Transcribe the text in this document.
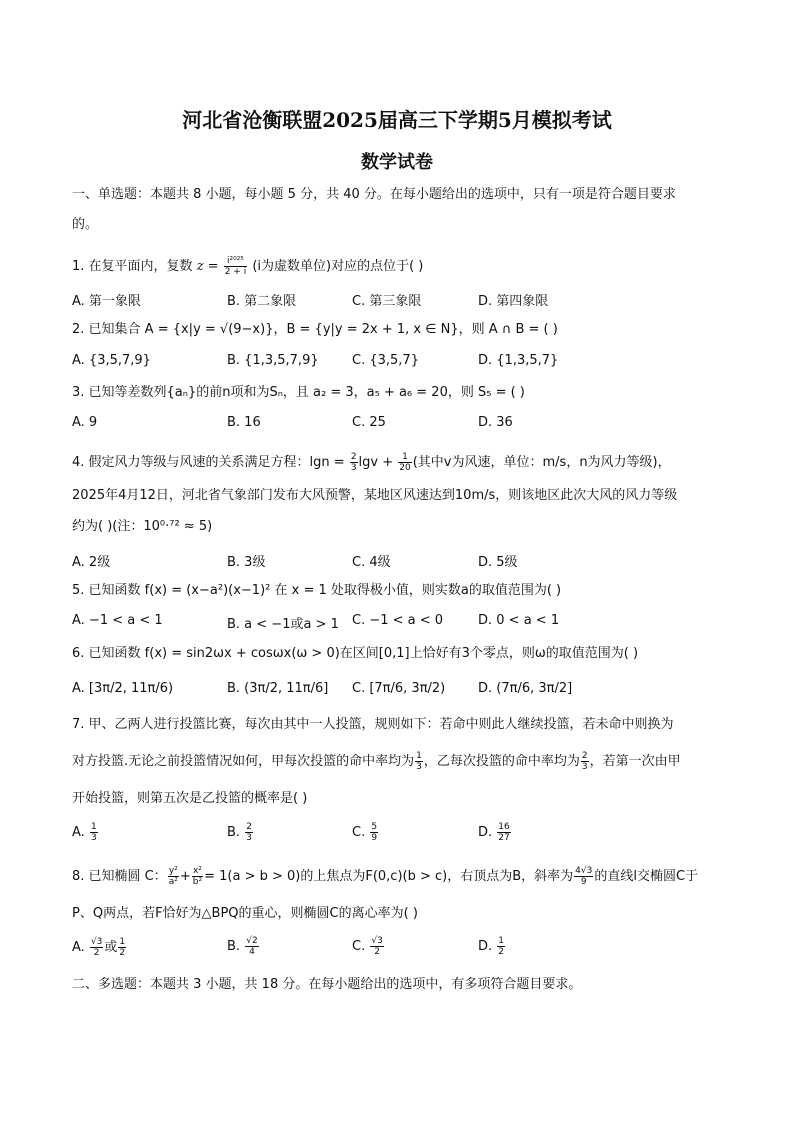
河北省沧衡联盟2025届高三下学期5月模拟考试
数学试卷
一、单选题：本题共 8 小题，每小题 5 分，共 40 分。在每小题给出的选项中，只有一项是符合题目要求
的。
1. 在复平面内，复数 $z = \frac{\text{i²⁰²⁵}}{2 + i} (i$为虚数单位)对应的点位于( )
A. 第一象限	B. 第二象限	C. 第三象限	D. 第四象限
2. 已知集合 A = {x|y = √(9−x)}，B = {y|y = 2x + 1, x ∈ N}，则 A ∩ B = ( )
A. {3,5,7,9}	B. {1,3,5,7,9}	C. {3,5,7}	D. {1,3,5,7}
3. 已知等差数列{aₙ}的前n项和为Sₙ，且 a₂ = 3，a₅ + a₆ = 20，则 S₅ = ( )
A. 9	B. 16	C. 25	D. 36
4. 假定风力等级与风速的关系满足方程：$\lg n = \frac{2}{3}$ $\lg v + \frac{1}{20}$ (其中v为风速，单位：m/s，n为风力等级)，
2025年4月12日，河北省气象部门发布大风预警，某地区风速达到10m/s，则该地区此次大风的风力等级
约为( )(注：10⁰·⁷² ≈ 5)
A. 2级	B. 3级	C. 4级	D. 5级
5. 已知函数 f(x) = (x−a²)(x−1)² 在 x = 1 处取得极小值，则实数a的取值范围为( )
A. −1 < a < 1	B. a < −1或a > 1 C. −1 < a < 0	D. 0 < a < 1
6. 已知函数 f(x) = sin2ωx + cosωx(ω > 0)在区间[0,1]上恰好有3个零点，则ω的取值范围为( )
A. [3π/2, 11π/6)	B. (3π/2, 11π/6] C. [7π/6, 3π/2)	D. (7π/6, 3π/2]
7. 甲、乙两人进行投篮比赛，每次由其中一人投篮，规则如下：若命中则此人继续投篮，若未命中则换为
对方投篮.无论之前投篮情况如何，甲每次投篮的命中率均为 $\frac{1}{3}$ ，乙每次投篮的命中率均为 $\frac{2}{3}$ ，若第一次由甲
开始投篮，则第五次是乙投篮的概率是( )
A. $\frac{1}{3}$	B. $\frac{2}{3}$	C. $\frac{5}{9}$	D. $\frac{16}{27}$
8. 已知椭圆 C： $\frac{\text{y²}}{\text{a²}} + \frac{\text{x²}}{\text{b²}} = 1(a > b > 0)$的上焦点为F(0,c)(b > c)，右顶点为B，斜率为 $\frac{4√3}{9}$ 的直线l交椭圆C于
P、Q两点，若F恰好为△BPQ的重心，则椭圆C的离心率为( )
A. $\frac{√3}{2}$ 或 $\frac{1}{2}$	B. $\frac{√2}{4}$	C. $\frac{√3}{2}$	D. $\frac{1}{2}$
二、多选题：本题共 3 小题，共 18 分。在每小题给出的选项中，有多项符合题目要求。
